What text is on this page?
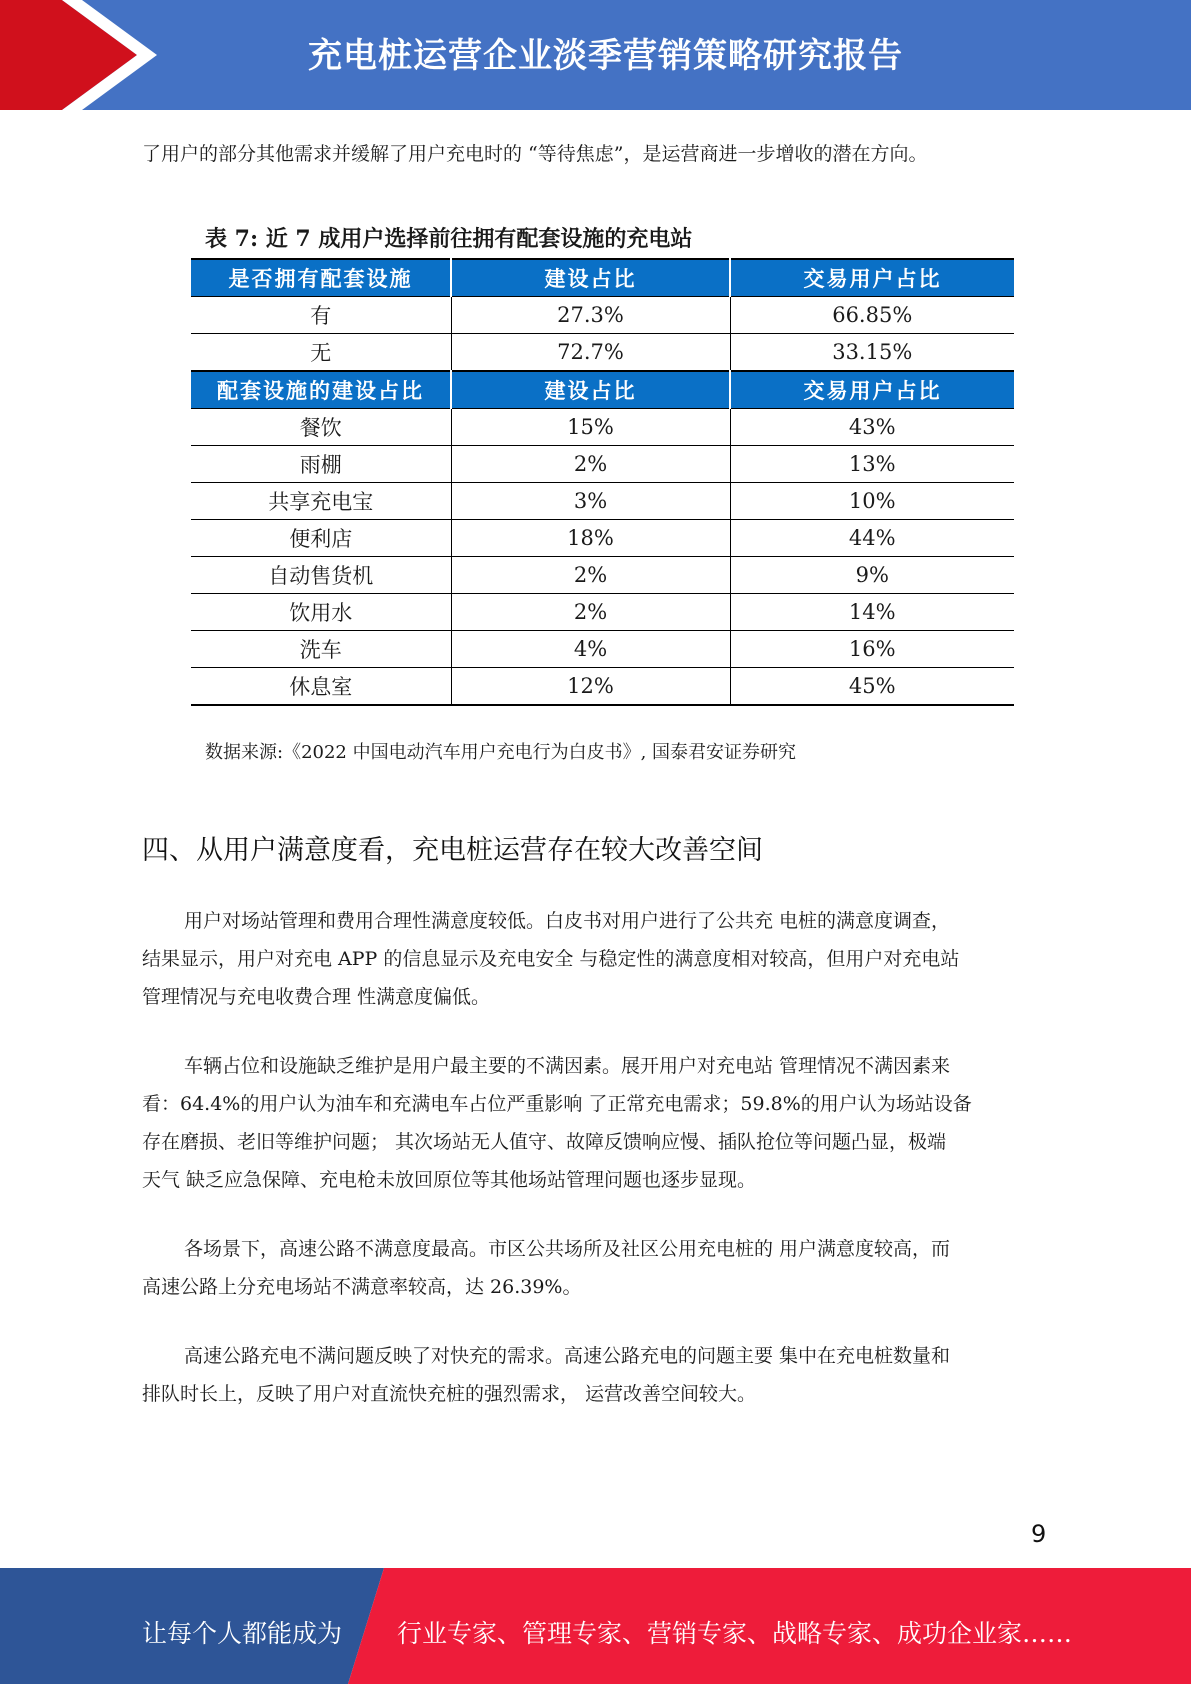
充电桩运营企业淡季营销策略研究报告
了用户的部分其他需求并缓解了用户充电时的 “等待焦虑”，是运营商进一步增收的潜在方向。
表 7: 近 7 成用户选择前往拥有配套设施的充电站
是否拥有配套设施	建设占比	交易用户占比
有	27.3%	66.85%
无	72.7%	33.15%
配套设施的建设占比	建设占比	交易用户占比
餐饮	15%	43%
雨棚	2%	13%
共享充电宝	3%	10%
便利店	18%	44%
自动售货机	2%	9%
饮用水	2%	14%
洗车	4%	16%
休息室	12%	45%
数据来源:《2022 中国电动汽车用户充电行为白皮书》, 国泰君安证券研究
四、从用户满意度看，充电桩运营存在较大改善空间
用户对场站管理和费用合理性满意度较低。白皮书对用户进行了公共充 电桩的满意度调查，
结果显示，用户对充电 APP 的信息显示及充电安全 与稳定性的满意度相对较高，但用户对充电站
管理情况与充电收费合理 性满意度偏低。
车辆占位和设施缺乏维护是用户最主要的不满因素。展开用户对充电站 管理情况不满因素来
看：64.4%的用户认为油车和充满电车占位严重影响 了正常充电需求；59.8%的用户认为场站设备
存在磨损、老旧等维护问题； 其次场站无人值守、故障反馈响应慢、插队抢位等问题凸显，极端
天气 缺乏应急保障、充电枪未放回原位等其他场站管理问题也逐步显现。
各场景下，高速公路不满意度最高。市区公共场所及社区公用充电桩的 用户满意度较高，而
高速公路上分充电场站不满意率较高，达 26.39%。
高速公路充电不满问题反映了对快充的需求。高速公路充电的问题主要 集中在充电桩数量和
排队时长上，反映了用户对直流快充桩的强烈需求， 运营改善空间较大。
9
让每个人都能成为 行业专家、管理专家、营销专家、战略专家、成功企业家……
